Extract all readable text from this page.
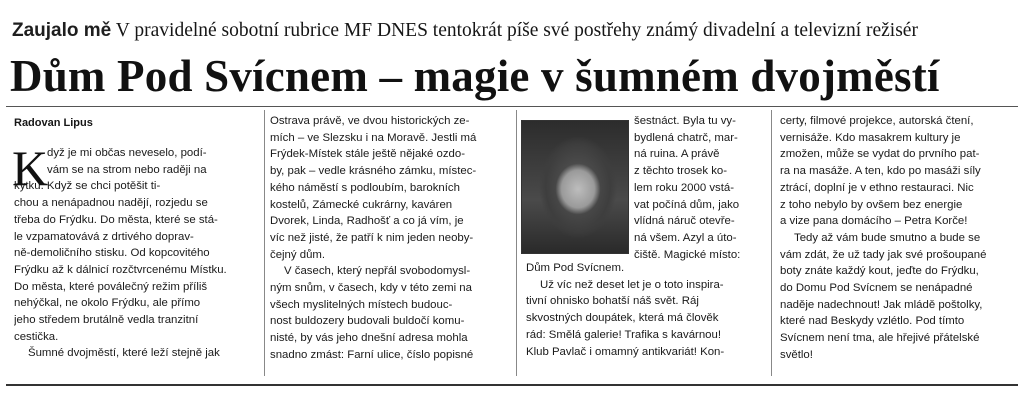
Zaujalo mě V pravidelné sobotní rubrice MF DNES tentokrát píše své postřehy známý divadelní a televizní režisér
Dům Pod Svícnem – magie v šumném dvojměstí
Radovan Lipus
K
dyž je mi občas neveselo, podí-
vám se na strom nebo raději na
kytku. Když se chci potěšit ti-
chou a nenápadnou nadějí, rozjedu se
třeba do Frýdku. Do města, které se stá-
le vzpamatovává z drtivého doprav-
ně-demoličního stisku. Od kopcovitého
Frýdku až k dálnicí rozčtvrcenému Místku.
Do města, které poválečný režim příliš
nehýčkal, ne okolo Frýdku, ale přímo
jeho středem brutálně vedla tranzitní
cestička.
Šumné dvojměstí, které leží stejně jak
Ostrava právě, ve dvou historických ze-
mích – ve Slezsku i na Moravě. Jestli má
Frýdek-Místek stále ještě nějaké ozdo-
by, pak – vedle krásného zámku, místec-
kého náměstí s podloubím, barokních
kostelů, Zámecké cukrárny, kaváren
Dvorek, Linda, Radhošť a co já vím, je
víc než jisté, že patří k nim jeden neoby-
čejný dům.
V časech, který nepřál svobodomysl-
ným snům, v časech, kdy v této zemi na
všech myslitelných místech budouc-
nost buldozery budovali buldočí komu-
nisté, by vás jeho dnešní adresa mohla
snadno zmást: Farní ulice, číslo popisné
šestnáct. Byla tu vy-
bydlená chatrč, mar-
ná ruina. A právě
z těchto trosek ko-
lem roku 2000 vstá-
vat počíná dům, jako
vlídná náruč otevře-
ná všem. Azyl a úto-
čiště. Magické místo:
Dům Pod Svícnem.
Už víc než deset let je o toto inspira-
tivní ohnisko bohatší náš svět. Ráj
skvostných doupátek, která má člověk
rád: Smělá galerie! Trafika s kavárnou!
Klub Pavlač i omamný antikvariát! Kon-
certy, filmové projekce, autorská čtení,
vernisáže. Kdo masakrem kultury je
zmožen, může se vydat do prvního pat-
ra na masáže. A ten, kdo po masáži síly
ztrácí, doplní je v ethno restauraci. Nic
z toho nebylo by ovšem bez energie
a vize pana domácího – Petra Korče!
Tedy až vám bude smutno a bude se
vám zdát, že už tady jak své prošoupané
boty znáte každý kout, jeďte do Frýdku,
do Domu Pod Svícnem se nenápadné
naděje nadechnout! Jak mládě poštolky,
které nad Beskydy vzlétlo. Pod tímto
Svícnem není tma, ale hřejivé přátelské
světlo!
